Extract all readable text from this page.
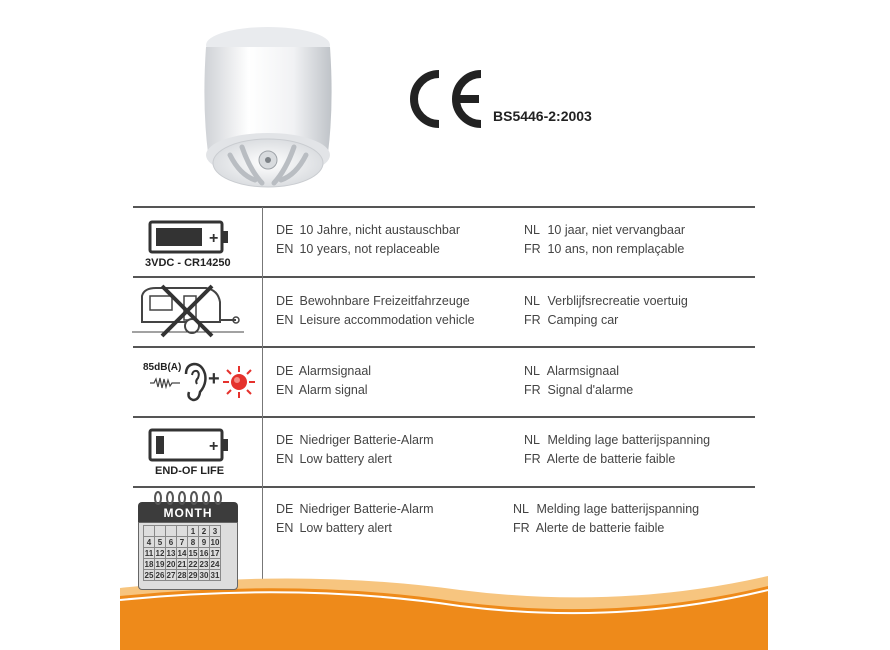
BS5446-2:2003
+
3VDC - CR14250
DE 10 Jahre, nicht austauschbar
EN 10 years, not replaceable
NL 10 jaar, niet vervangbaar
FR 10 ans, non remplaçable
DE Bewohnbare Freizeitfahrzeuge
EN Leisure accommodation vehicle
NL Verblijfsrecreatie voertuig
FR Camping car
85dB(A)
+	DE Alarmsignaal
EN Alarm signal
NL Alarmsignaal
FR Signal d'alarme
+
END-OF LIFE
DE Niedriger Batterie-Alarm
EN Low battery alert
NL Melding lage batterijspanning
FR Alerte de batterie faible
MONTH
				1	2	3
4	5	6	7	8	9	10
11	12	13	14	15	16	17
18	19	20	21	22	23	24
25	26	27	28	29	30	31
DE Niedriger Batterie-Alarm
EN Low battery alert
NL Melding lage batterijspanning
FR Alerte de batterie faible
